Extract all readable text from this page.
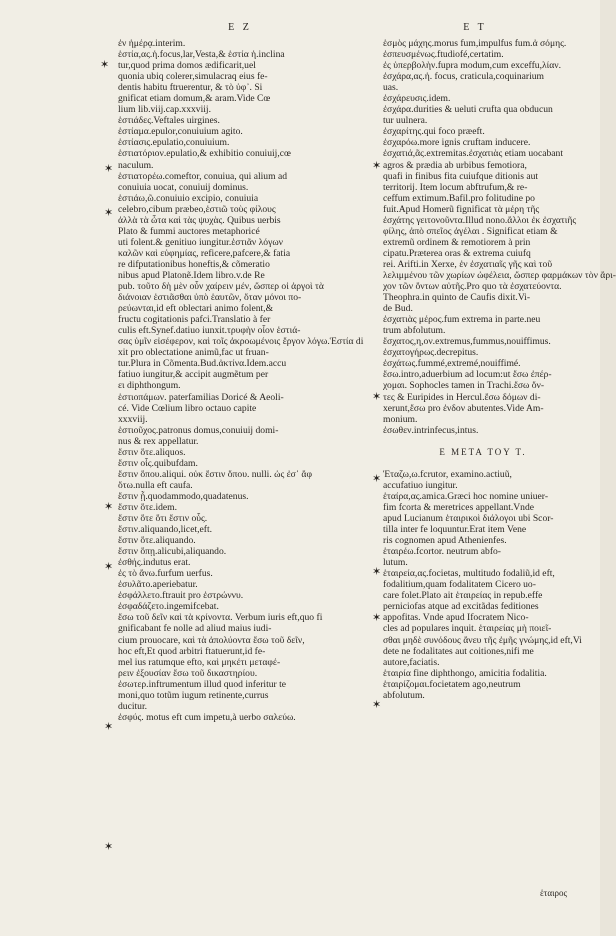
E Z	E T
ἐν ἡμέρᾳ.interim.
ἑστία,ας.ἡ.focus,lar,Vesta,& ἑστία ἡ.inclina
tur,quod prima domos ædificarit,uel
quonia ubiq colerer,simulacraq eius fe-
dentis habitu ftruerentur, & τὸ ὑφ᾽. Si
gnificat etiam domum,& aram.Vide Cœ
lium lib.viij.cap.xxxviij.
ἑστιάδες.Veftales uirgines.
ἑστίαμα.epulor,conuiuium agito.
ἑστίασις.epulatio,conuiuium.
ἑστιατόριον.epulatio,& exhibitio conuiuij,cœ
naculum.
ἑστιατορέω.comeftor, conuiua, qui alium ad
conuiuia uocat, conuiuij dominus.
ἑστιάω,ῶ.conuiuio excipio, conuiuia
celebro,cibum præbeo,ἑστιῶ τοὺς φίλους
ἀλλὰ τὰ ὦτα καὶ τὰς ψυχὰς. Quibus uerbis
Plato & fummi auctores metaphoricé
uti folent.& genitiuo iungitur.ἑστιᾶν λόγων
καλῶν καὶ εὐφημίας, reficere,pafcere,& fatia
re difputationibus honeftis,& cõmeratio
nibus apud Platonẽ.Idem libro.v.de Re
pub. τοῦτο δὴ μὲν οὖν χαίρειν μέν, ὥσπερ οἱ ἀργοὶ τὰ
διάνοιαν ἑστιᾶσθαι ὑπὸ ἑαυτῶν, ὅταν μόνοι πο-
ρεύωνται,id eft oblectari animo folent,&
fructu cogitationis pafci.Translatio à fer
culis eft.Synef.datiuo iunxit.τρυφὴν οἷον ἑστιά-
σας ὑμῖν εἰσέφερον, καὶ τοῖς ἀκροωμένοις ἔργον λόγω.Ἑστία di
xit pro oblectatione animũ,fac ut fruan-
tur.Plura in Cõmenta.Bud.ἀκτίνα.Idem.accu
fatiuo iungitur,& accipit augmẽtum per
ει diphthongum.
ἑστιοπάμων. paterfamilias Doricé & Aeoli-
cé. Vide Cœlium libro octauo capite
xxxviij.
ἑστιοῦχος.patronus domus,conuiuij domi-
nus & rex appellatur.
ἔστιν ὅτε.aliquos.
ἔστιν οἷς.quibufdam.
ἔστιν ὅπου.aliqui. οὐκ ἔστιν ὅπου. nulli. ὡς ἐσ᾽ ἄφ
ὅτω.nulla eft caufa.
ἔστιν ᾗ.quodammodo,quadatenus.
ἔστιν ὅτε.idem.
ἔστιν ὅτε ὅτι ἔστιν οὗς.
ἔστιν.aliquando,licet,eft.
ἔστιν ὅτε.aliquando.
ἔστιν ὅπῃ.alicubi,aliquando.
ἐσθής.indutus erat.
ἐς τὸ ἄνω.furfum uerfus.
ἐσυλᾶτο.aperiebatur.
ἐσφάλλετο.ftrauit pro ἐστρώννυ.
ἐσφαδάζετο.ingemifcebat.
ἔσω τοῦ δεῖν καὶ τὰ κρίνοντα. Verbum iuris eft,quo fi
gnificabant fe nolle ad aliud maius iudi-
cium prouocare, καὶ τὰ ἀπολύοντα ἔσω τοῦ δεῖν,
hoc eft,Et quod arbitri ftatuerunt,id fe-
mel ius ratumque efto, καὶ μηκέτι μεταφέ-
ρειν ἐξουσίαν ἔσω τοῦ δικαστηρίου.
ἐσωτερ.inftrumentum illud quod inferitur te
moni,quo totũm iugum retinente,currus
ducitur.
ἐσφύς. motus eft cum impetu,à uerbo σαλεύω.
ἑσμὸς μάχης.morus fum,impulfus fum.ἀ σόμης.
ἐσπευσμένως.ftudiofé,certatim.
ἐς ὑπερβολὴν.fupra modum,cum exceffu,λίαν.
ἐσχάρα,ας.ἡ. focus, craticula,coquinarium
uas.
ἐσχάρευσις.idem.
ἐσχάρα.durities & ueluti crufta qua obducun
tur uulnera.
ἐσχαρίτης.qui foco præeft.
ἐσχαρόω.more ignis cruftam inducere.
ἐσχατιά,ᾶς.extremitas.ἐσχατιὰς etiam uocabant
agros & prædia ab urbibus femotiora,
quafi in finibus fita cuiufque ditionis aut
territorij. Item locum abftrufum,& re-
ceffum extimum.Bafil.pro folitudine po
fuit.Apud Homerũ fignificat τὰ μέρη τῆς
ἐσχάτης γειτονοῦντα.Illud nono.ἄλλοι ἐκ ἐσχατιῆς
φίλης, ἀπὸ σπεῖος ἀγέλαι . Significat etiam &
extremũ ordinem & remotiorem à prin
cipatu.Præterea oras & extrema cuiufq
rei. Arifti.in Xerxe, ἐν ἐσχατιαῖς γῆς καὶ τοῦ
λελιμμένου τῶν χωρίων ὠφέλεια, ὥσπερ φαρμάκων τὸν ἄρι-
χον τῶν ὄντων αὐτῆς.Pro quo τὰ ἐσχατεύοντα.
Theophra.in quinto de Caufis dixit.Vi-
de Bud.
ἐσχατιὰς μέρος.fum extrema in parte.neu
trum abfolutum.
ἔσχατος,η,ον.extremus,fummus,nouiffimus.
ἐσχατογήρως.decrepitus.
ἐσχάτως.fummé,extremé,nouiffimé.
ἔσω.intro,aduerbium ad locum:ut ἔσω ἐπέρ-
χομαι. Sophocles tamen in Trachi.ἔσω ὄν-
τες & Euripides in Hercul.ἔσω δόμων di-
xerunt,ἔσω pro ἐνδον abutentes.Vide Am-
monium.
ἐσωθεν.intrinfecus,intus.
E META TOY T.
Ἐταζω,ω.fcrutor, examino.actiuũ,
accufatiuo iungitur.
ἑταίρα,ας.amica.Græci hoc nomine uniuer-
fim fcorta & meretrices appellant.Vnde
apud Lucianum ἑταιρικοὶ διάλογοι ubi Scor-
tilla inter fe loquuntur.Erat item Vene
ris cognomen apud Athenienfes.
ἑταιρέω.fcortor. neutrum abfo-
lutum.
ἑταιρεία,ας.focietas, multitudo fodaliũ,id eft,
fodalitium,quam fodalitatem Cicero uo-
care folet.Plato ait ἑταιρείας in repub.effe
perniciofas atque ad excitãdas feditiones
appofitas. Vnde apud Ifocratem Nico-
cles ad populares inquit. ἑταιρείας μὴ ποιεῖ-
σθαι μηδὲ συνόδους ἄνευ τῆς ἐμῆς γνώμης,id eft,Vi
dete ne fodalitates aut coitiones,nifi me
autore,faciatis.
ἑταιρία fine diphthongo, amicitia fodalitia.
ἑταιρίζομαι.focietatem ago,neutrum
abfolutum.
✶
✶
✶
✶
✶
✶
✶
✶
✶
✶
✶
✶
✶
ἑταιρος
